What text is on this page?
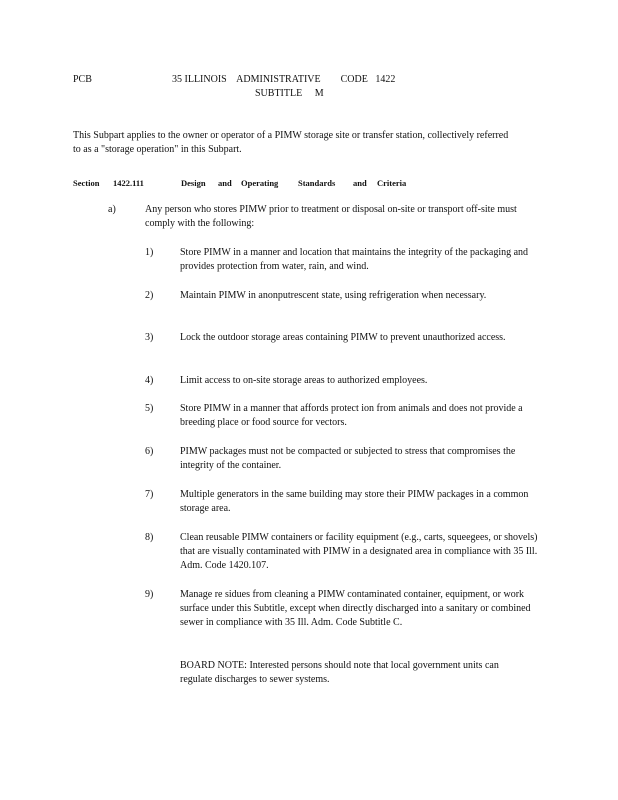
PCB	35 ILLINOIS    ADMINISTRATIVE        CODE   1422
SUBTITLE     M
This Subpart applies to the owner or operator of a PIMW storage site or transfer station, collectively referred to as a "storage operation" in this Subpart.
Section 1422.111	Design and Operating Standards and Criteria
a)	Any person who stores PIMW prior to treatment or disposal on-site or transport off-site must comply with the following:
1)	Store PIMW in a manner and location that maintains the integrity of the packaging and provides protection from water, rain, and wind.
2)	Maintain PIMW in anonputrescent state, using refrigeration when necessary.
3)	Lock the outdoor storage areas containing PIMW to prevent unauthorized access.
4)	Limit access to on-site storage areas to authorized employees.
5)	Store PIMW in a manner that affords protect ion from animals and does not provide a breeding place or food source for vectors.
6)	PIMW packages must not be compacted or subjected to stress that compromises the integrity of the container.
7)	Multiple generators in the same building may store their PIMW packages in a common storage area.
8)	Clean reusable PIMW containers or facility equipment (e.g., carts, squeegees, or shovels) that are visually contaminated with PIMW in a designated area in compliance with 35 Ill. Adm. Code 1420.107.
9)	Manage re sidues from cleaning a PIMW contaminated container, equipment, or work surface under this Subtitle, except when directly discharged into a sanitary or combined sewer in compliance with 35 Ill. Adm. Code Subtitle C.
BOARD NOTE: Interested persons should note that local government units can regulate discharges to sewer systems.
